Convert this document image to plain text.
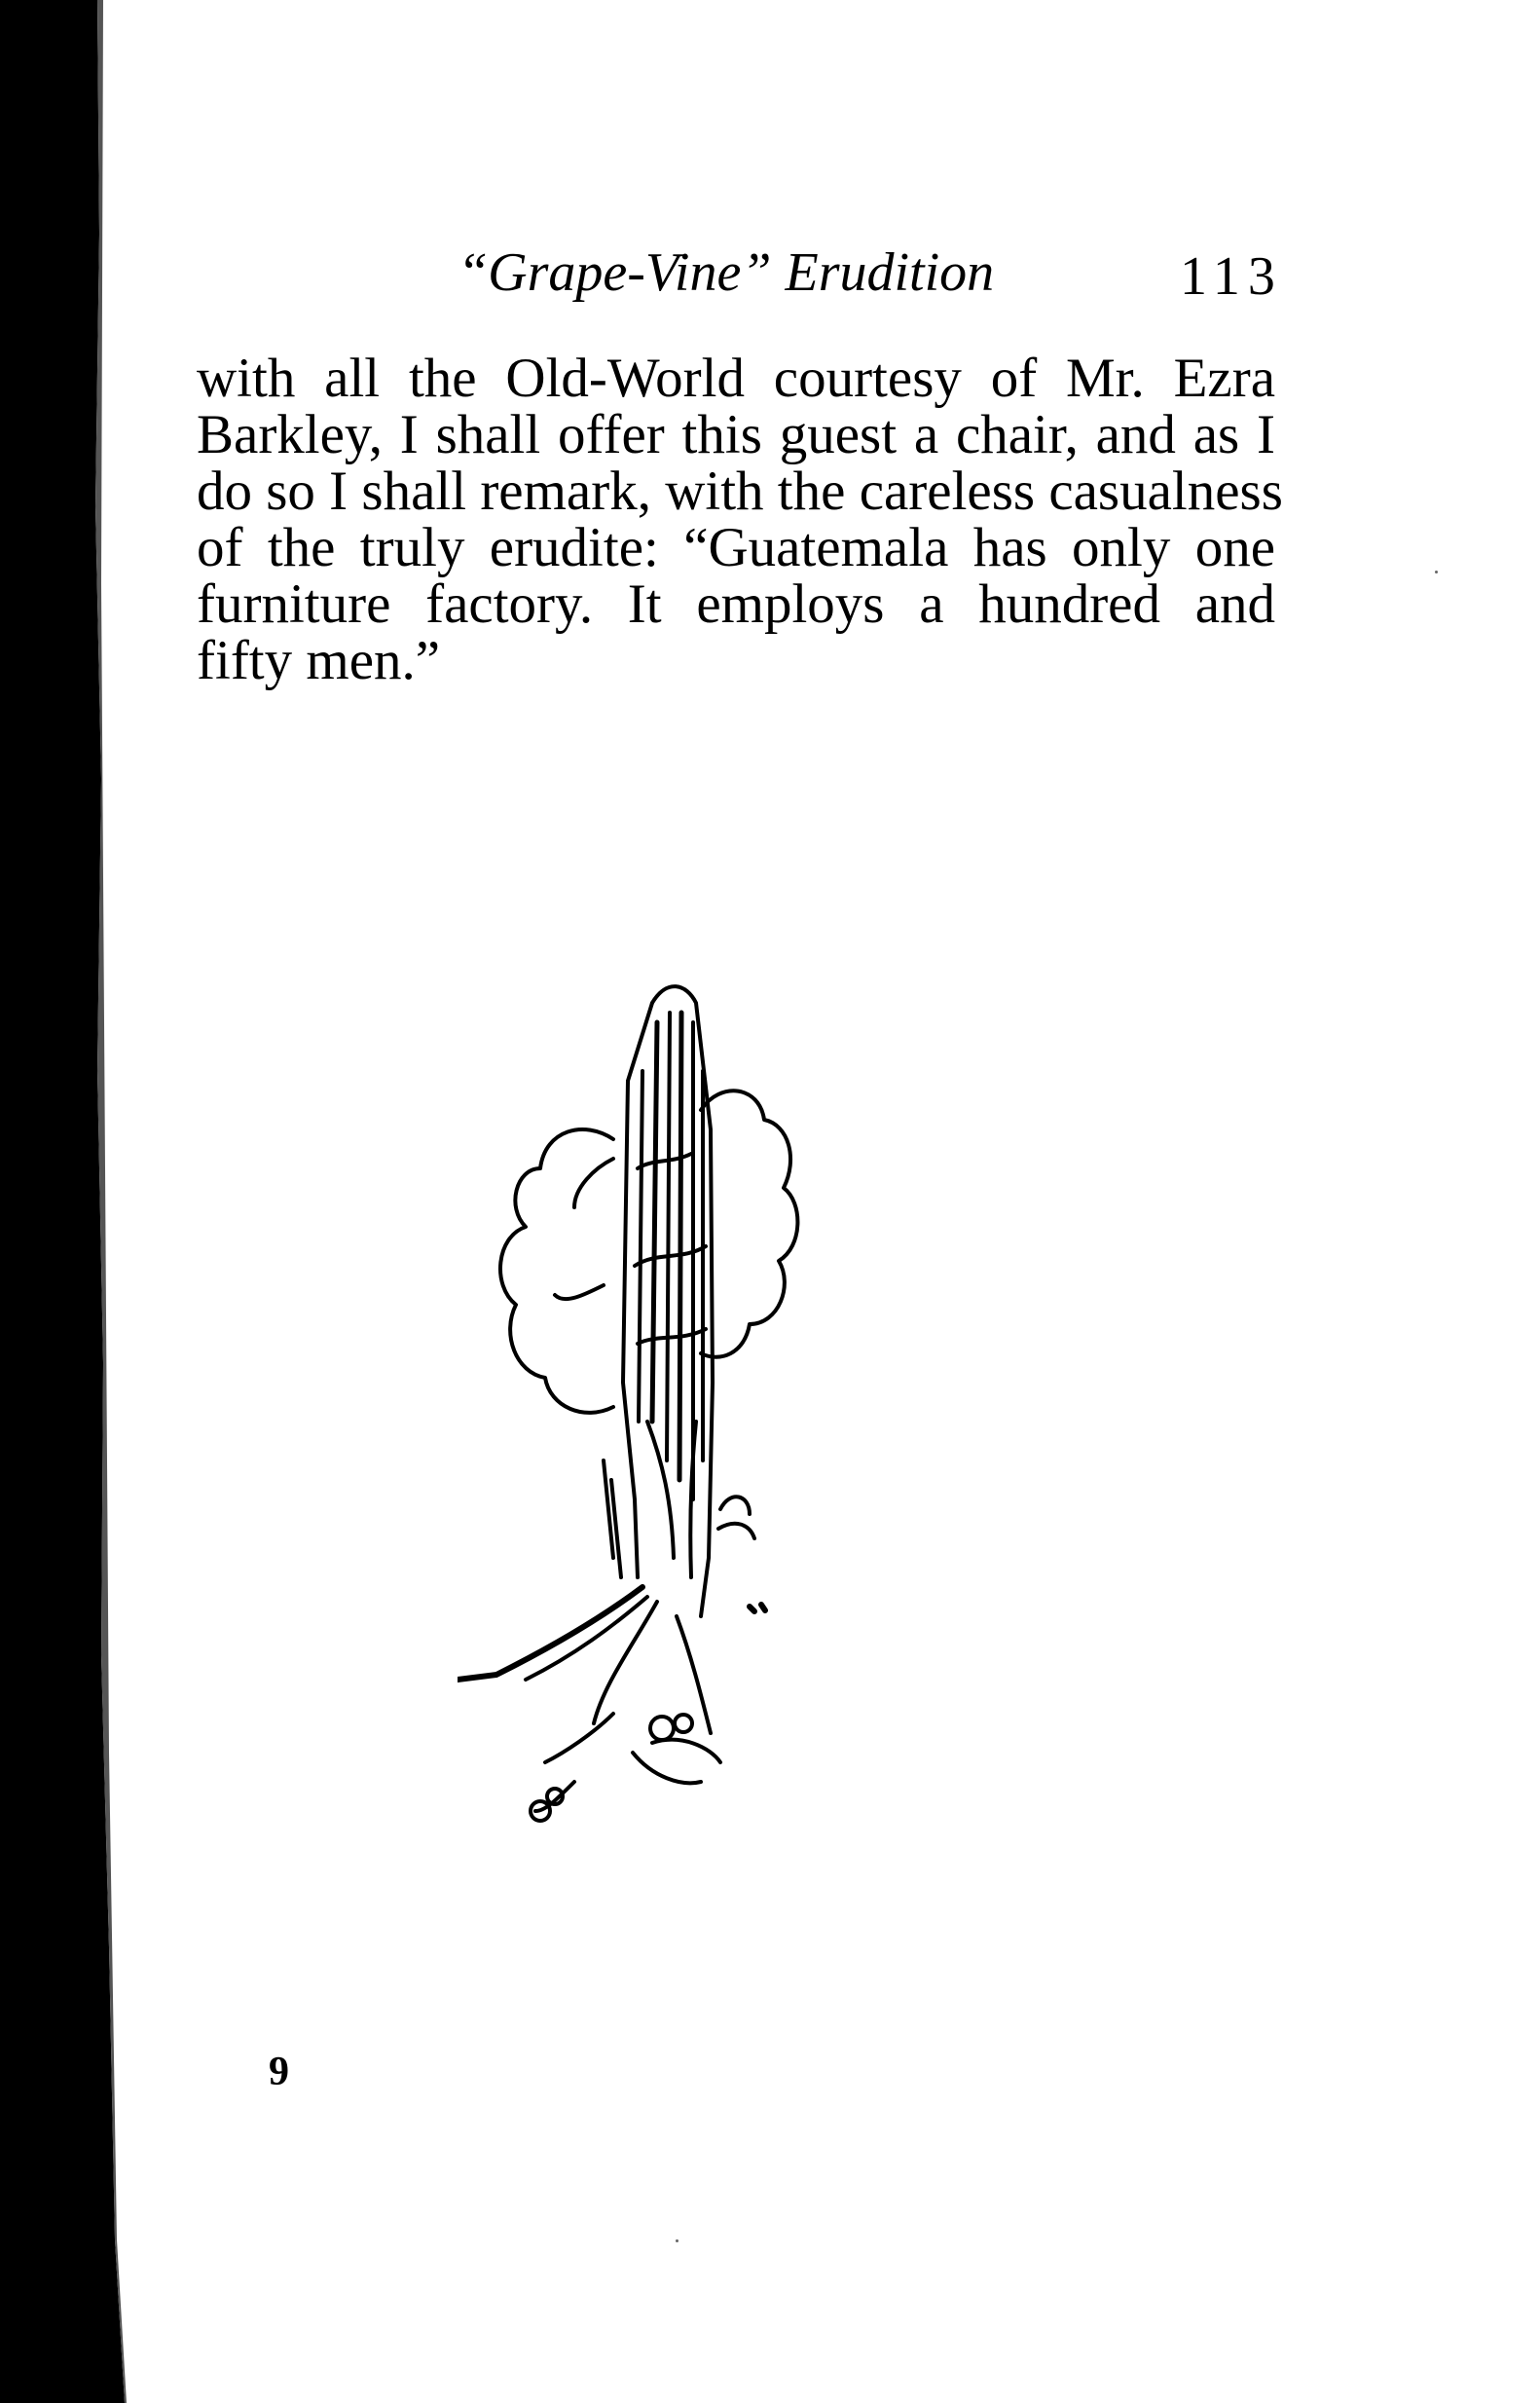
“Grape-Vine” Erudition	113
with all the Old-World courtesy of Mr. Ezra
Barkley, I shall offer this guest a chair, and as I
do so I shall remark, with the careless casualness
of the truly erudite: “Guatemala has only one
furniture factory. It employs a hundred and
fifty men.”
9
